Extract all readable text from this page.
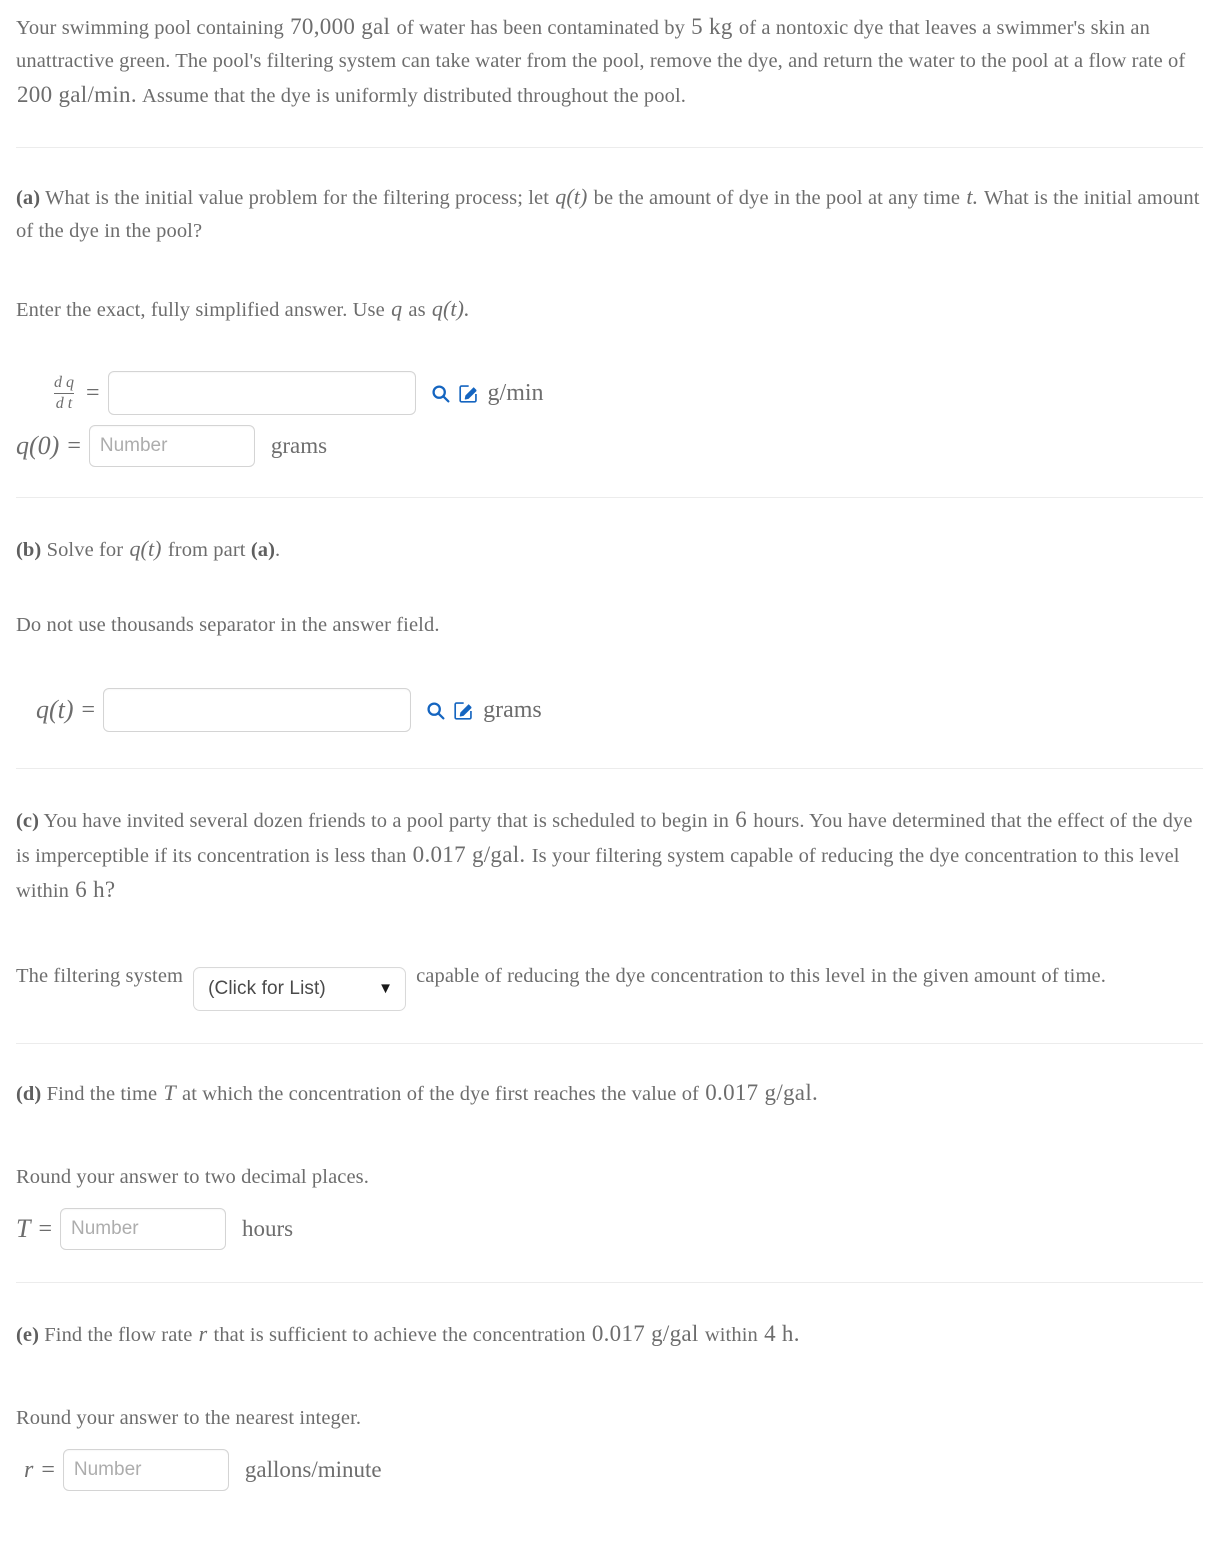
Your swimming pool containing 70,000 gal of water has been contaminated by 5 kg of a nontoxic dye that leaves a swimmer's skin an unattractive green. The pool's filtering system can take water from the pool, remove the dye, and return the water to the pool at a flow rate of 200 gal/min. Assume that the dye is uniformly distributed throughout the pool.

(a) What is the initial value problem for the filtering process; let q(t) be the amount of dye in the pool at any time t. What is the initial amount of the dye in the pool?

Enter the exact, fully simplified answer. Use q as q(t).

$\frac{\text{d q}}{\text{d t}}$ =	g/min
q(0) =
Number	grams

(b) Solve for q(t) from part (a).

Do not use thousands separator in the answer field.

q(t) =	grams

(c) You have invited several dozen friends to a pool party that is scheduled to begin in 6 hours. You have determined that the effect of the dye is imperceptible if its concentration is less than 0.017 g/gal. Is your filtering system capable of reducing the dye concentration to this level within 6 h?

The filtering system
(Click for List)	▼
capable of reducing the dye concentration to this level in the given amount of time.

(d) Find the time T at which the concentration of the dye first reaches the value of 0.017 g/gal.

Round your answer to two decimal places.

T =
Number	hours

(e) Find the flow rate r that is sufficient to achieve the concentration 0.017 g/gal within 4 h.

Round your answer to the nearest integer.

r =
Number	gallons/minute
